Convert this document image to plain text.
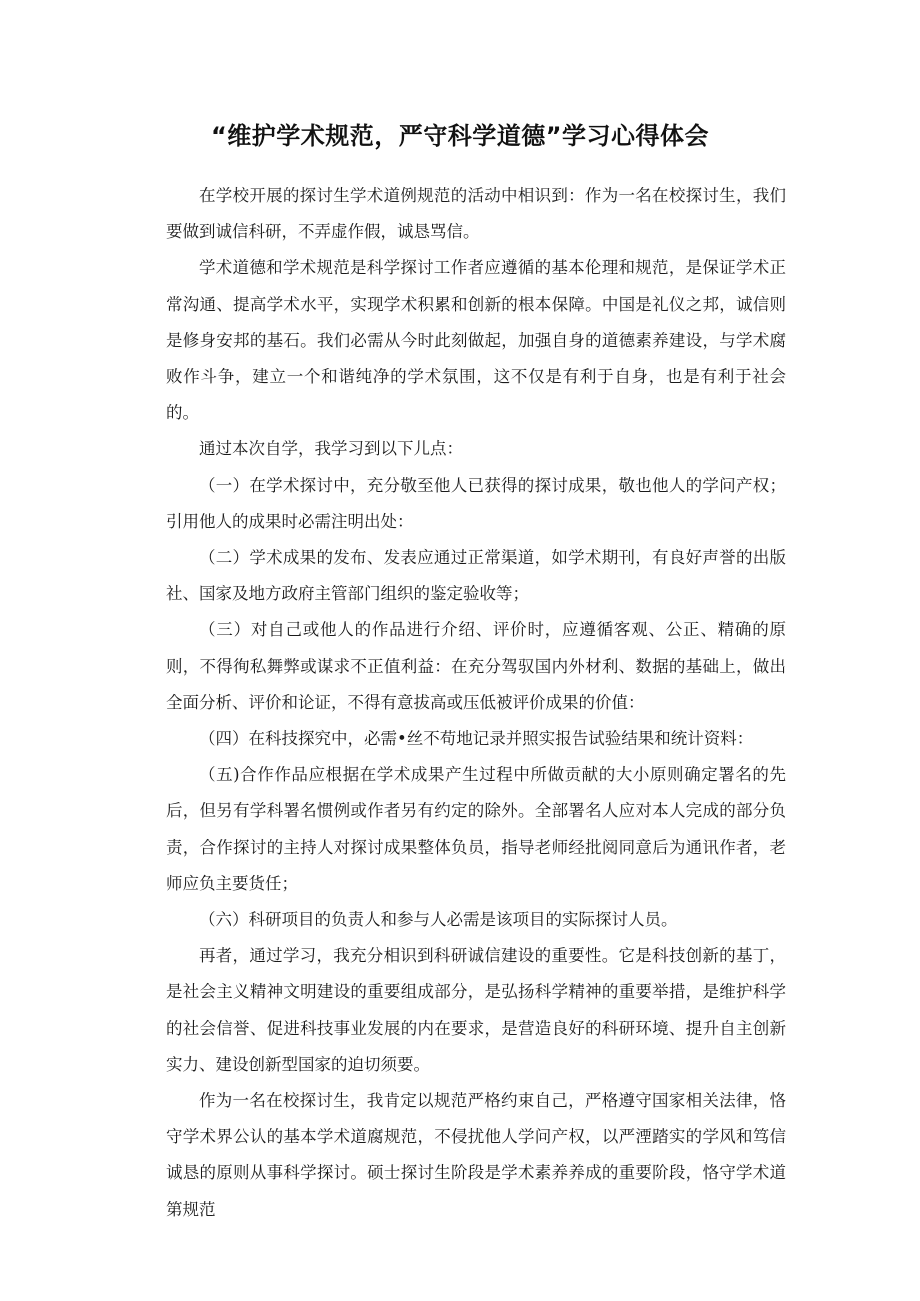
“维护学术规范，严守科学道德”学习心得体会

在学校开展的探讨生学术道例规范的活动中相识到：作为一名在校探讨生，我们要做到诚信科研，不弄虚作假，诚恳骂信。

学术道德和学术规范是科学探讨工作者应遵循的基本伦理和规范，是保证学术正常沟通、提高学术水平，实现学术积累和创新的根本保障。中国是礼仪之邦，诚信则是修身安邦的基石。我们必需从今时此刻做起，加强自身的道德素养建设，与学术腐败作斗争，建立一个和谐纯净的学术氛围，这不仅是有利于自身，也是有利于社会的。

通过本次自学，我学习到以下儿点：

（一）在学术探讨中，充分敬至他人已获得的探讨成果，敬也他人的学问产权；引用他人的成果时必需注明出处：

（二）学术成果的发布、发表应通过正常渠道，如学术期刊，有良好声誉的出版社、国家及地方政府主管部门组织的鉴定验收等；

（三）对自己或他人的作品进行介绍、评价时，应遵循客观、公正、精确的原则，不得徇私舞弊或谋求不正值利益：在充分驾驭国内外材利、数据的基础上，做出全面分析、评价和论证，不得有意拔高或压低被评价成果的价值：

（四）在科技探究中，必需•丝不苟地记录并照实报告试验结果和统计资料：

（五)合作作品应根据在学术成果产生过程中所做贡献的大小原则确定署名的先后，但另有学科署名惯例或作者另有约定的除外。全部署名人应对本人完成的部分负责，合作探讨的主持人对探讨成果整体负员，指导老师经批阅同意后为通讯作者，老师应负主要货任；

（六）科研项目的负责人和参与人必需是该项目的实际探讨人员。

再者，通过学习，我充分相识到科研诚信建设的重要性。它是科技创新的基丁，是社会主义精神文明建设的重要组成部分，是弘扬科学精神的重要举措，是维护科学的社会信誉、促进科技事业发展的内在要求，是营造良好的科研环境、提升自主创新实力、建设创新型国家的迫切须要。

作为一名在校探讨生，我肯定以规范严格约束自己，严格遵守国家相关法律，恪守学术界公认的基本学术道腐规范，不侵扰他人学问产权，以严湮踏实的学风和笃信诚恳的原则从事科学探讨。硕士探讨生阶段是学术素养养成的重要阶段，恪守学术道第规范
